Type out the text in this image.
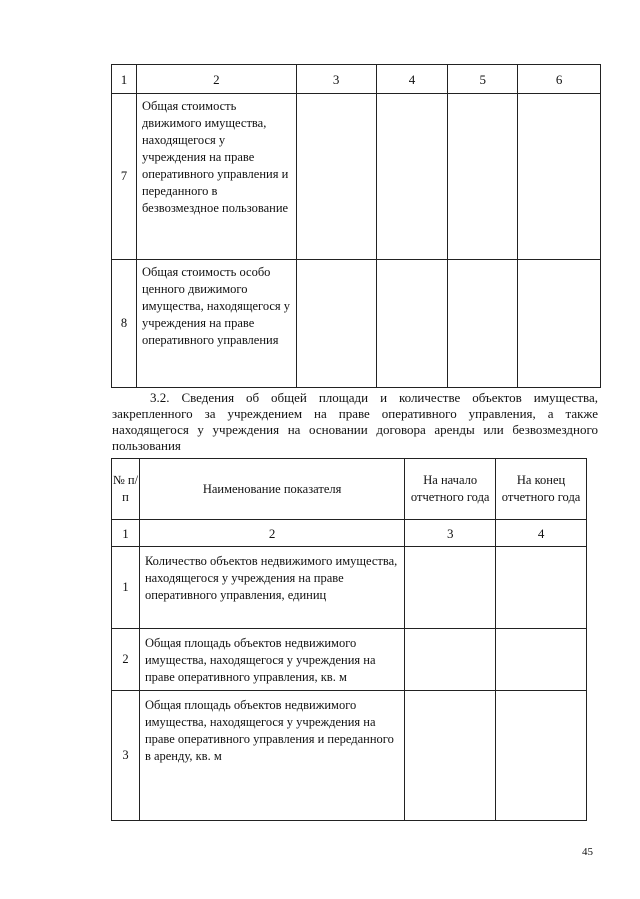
1	2	3	4	5	6
7	Общая стоимость движимого имущества, находящегося у учреждения на праве оперативного управления и переданного в безвозмездное пользование				
8	Общая стоимость особо ценного движимого имущества, находящегося у учреждения на праве оперативного управления				
3.2. Сведения об общей площади и количестве объектов имущества, закрепленного за учреждением на праве оперативного управления, а также находящегося у учреждения на основании договора аренды или безвозмездного пользования
№ п/п	Наименование показателя	На начало отчетного года	На конец отчетного года
1	2	3	4
1	Количество объектов недвижимого имущества, находящегося у учреждения на праве оперативного управления, единиц		
2	Общая площадь объектов недвижимого имущества, находящегося у учреждения на праве оперативного управления, кв. м		
3	Общая площадь объектов недвижимого имущества, находящегося у учреждения на праве оперативного управления и переданного в аренду, кв. м		
45
